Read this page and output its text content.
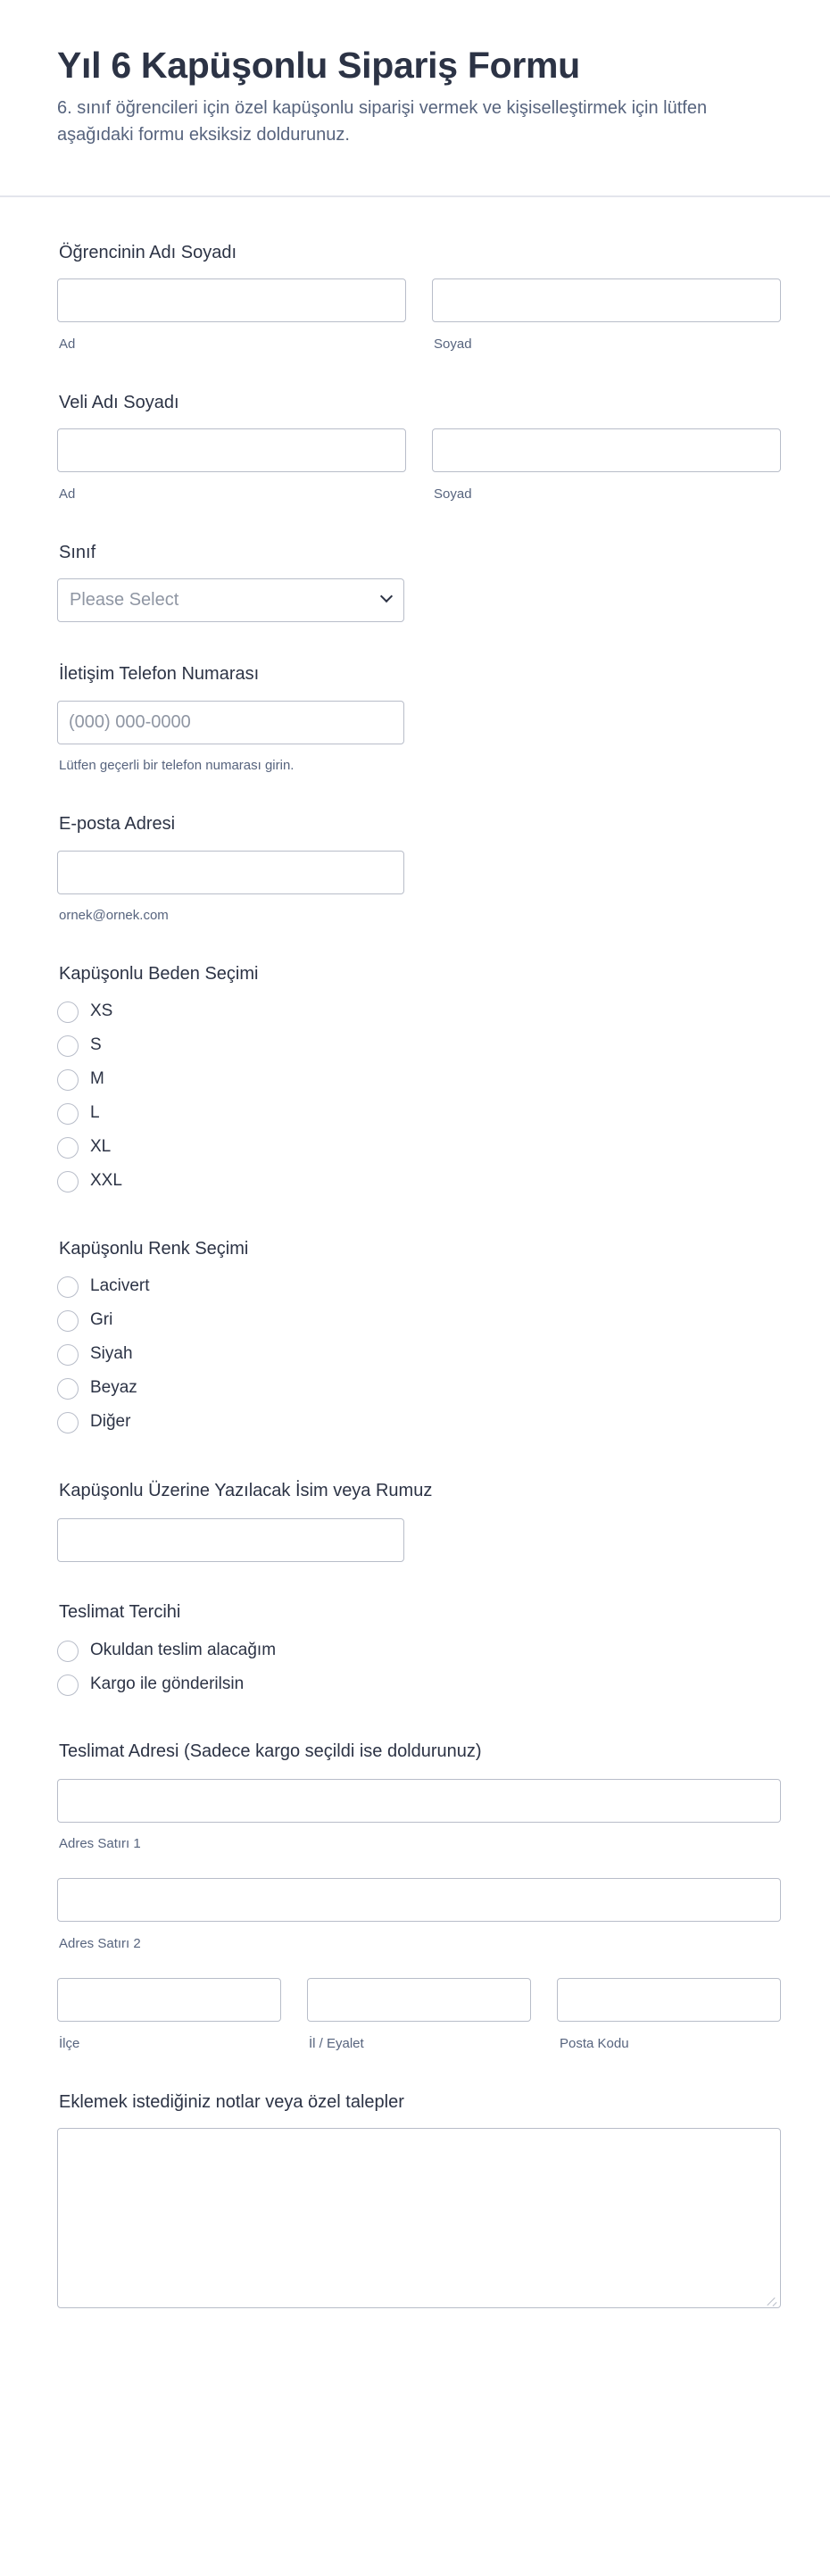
Yıl 6 Kapüşonlu Sipariş Formu
6. sınıf öğrencileri için özel kapüşonlu siparişi vermek ve kişiselleştirmek için lütfen aşağıdaki formu eksiksiz doldurunuz.
Öğrencinin Adı Soyadı
Ad	Soyad
Veli Adı Soyadı
Ad	Soyad
Sınıf
Please Select
İletişim Telefon Numarası
(000) 000-0000
Lütfen geçerli bir telefon numarası girin.
E-posta Adresi
ornek@ornek.com
Kapüşonlu Beden Seçimi
XS
S
M
L
XL
XXL
Kapüşonlu Renk Seçimi
Lacivert
Gri
Siyah
Beyaz
Diğer
Kapüşonlu Üzerine Yazılacak İsim veya Rumuz
Teslimat Tercihi
Okuldan teslim alacağım
Kargo ile gönderilsin
Teslimat Adresi (Sadece kargo seçildi ise doldurunuz)
Adres Satırı 1
Adres Satırı 2
İlçe	İl / Eyalet	Posta Kodu
Eklemek istediğiniz notlar veya özel talepler
